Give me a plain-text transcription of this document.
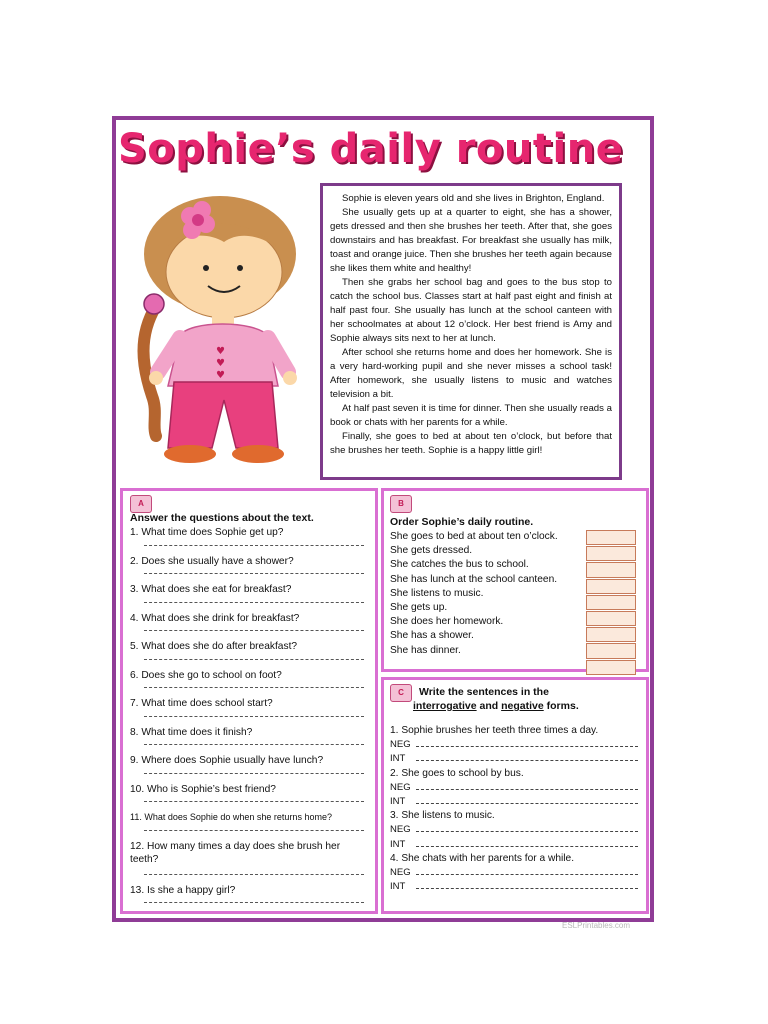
Sophie’s daily routine
♥
♥
♥

Sophie is eleven years old and she lives in Brighton, England.

She usually gets up at a quarter to eight, she has a shower, gets dressed and then she brushes her teeth. After that, she goes downstairs and has breakfast. For breakfast she usually has milk, toast and orange juice. Then she brushes her teeth again because she likes them white and healthy!

Then she grabs her school bag and goes to the bus stop to catch the school bus. Classes start at half past eight and finish at half past four. She usually has lunch at the school canteen with her schoolmates at about 12 o’clock. Her best friend is Amy and Sophie always sits next to her at lunch.

After school she returns home and does her homework. She is a very hard-working pupil and she never misses a school task! After homework, she usually listens to music and watches television a bit.

At half past seven it is time for dinner. Then she usually reads a book or chats with her parents for a while.

Finally, she goes to bed at about ten o’clock, but before that she brushes her teeth. Sophie is a happy little girl!

A
Answer the questions about the text.
1. What time does Sophie get up?
2. Does she usually have a shower?
3. What does she eat for breakfast?
4. What does she drink for breakfast?
5. What does she do after breakfast?
6. Does she go to school on foot?
7. What time does school start?
8. What time does it finish?
9. Where does Sophie usually have lunch?
10. Who is Sophie’s best friend?
11. What does Sophie do when she returns home?
12. How many times a day does she brush her teeth?
13. Is she a happy girl?
B
Order Sophie’s daily routine.
She goes to bed at about ten o’clock.
She gets dressed.
She catches the bus to school.
She has lunch at the school canteen.
She listens to music.
She gets up.
She does her homework.
She has a shower.
She has dinner.
C	Write the sentences in the
interrogative and negative forms.
1. Sophie brushes her teeth three times a day.
NEG
INT
2. She goes to school by bus.
NEG
INT
3. She listens to music.
NEG
INT
4. She chats with her parents for a while.
NEG
INT
ESLPrintables.com
